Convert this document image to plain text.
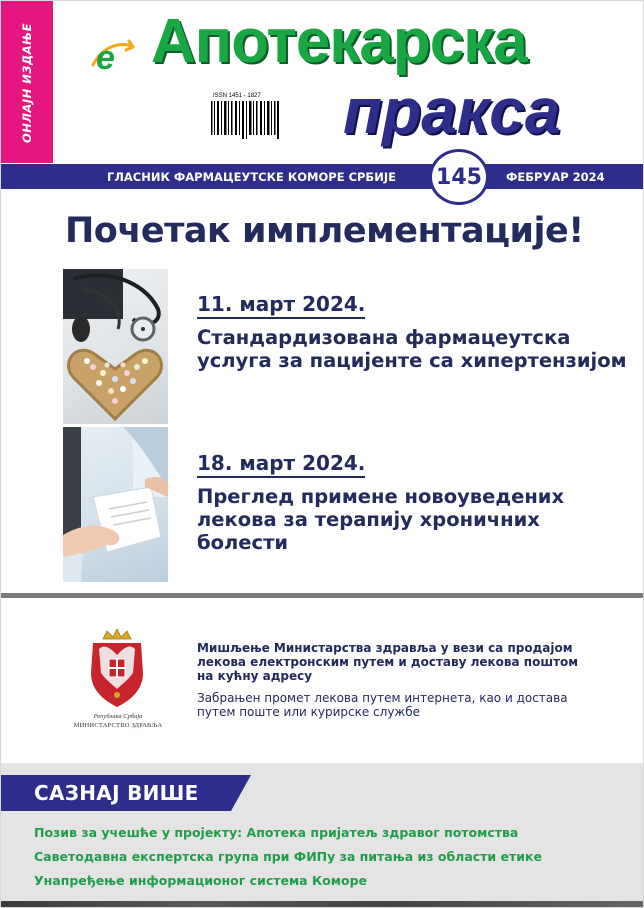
ОНЛАЈН ИЗДАЊЕ e Апотекарска
пракса
ISSN 1451 - 1827
ГЛАСНИК ФАРМАЦЕУТСКЕ КОМОРЕ СРБИЈЕ	ФЕБРУАР 2024
145
Почетак имплементације!
11. март 2024.
Стандардизована фармацеутска услуга за пацијенте са хипертензијом
18. март 2024.
Преглед примене новоуведених лекова за терапију хроничних болести
Република Србија
МИНИСТАРСТВО ЗДРАВЉА
Мишљење Министарства здравља у вези са продајом лекова електронским путем и доставу лекова поштом на кућну адресу
Забрањен промет лекова путем интернета, као и достава путем поште или курирске службе
САЗНАЈ ВИШЕ
Позив за учешће у пројекту: Апотека пријатељ здравог потомства
Саветодавна експертска група при ФИПу за питања из области етике
Унапређење информационог система Коморе
